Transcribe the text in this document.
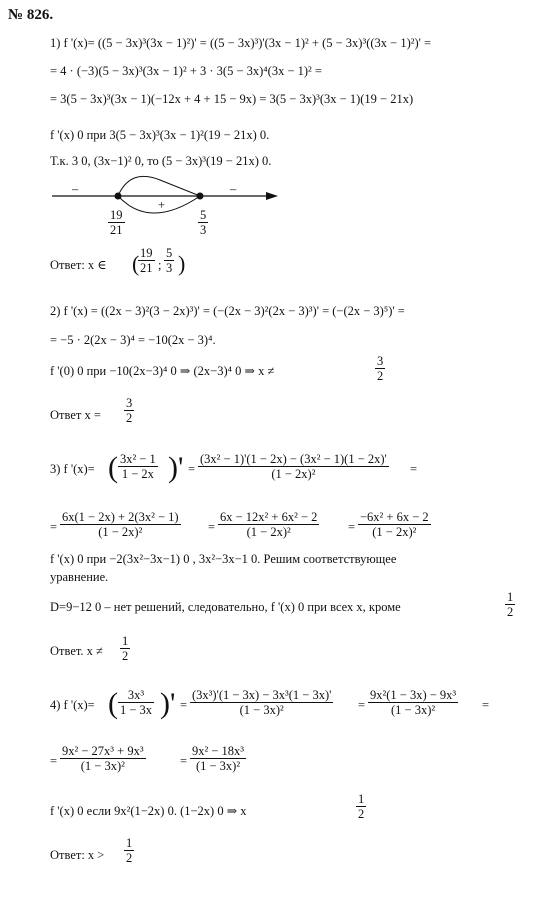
№ 826.
1) f '(x)= ((5 − 3x)³(3x − 1)²)' = ((5 − 3x)³)'(3x − 1)² + (5 − 3x)³((3x − 1)²)' =
= 4 · (−3)(5 − 3x)³(3x − 1)² + 3 · 3(5 − 3x)⁴(3x − 1)² =
= 3(5 − 3x)³(3x − 1)(−12x + 4 + 15 − 9x) = 3(5 − 3x)³(3x − 1)(19 − 21x)
f '(x) 0 при 3(5 − 3x)³(3x − 1)²(19 − 21x) 0.
Т.к. 3 0, (3x−1)² 0, то (5 − 3x)³(19 − 21x) 0.
–
+
–
$\frac{19}{21}$	$\frac{5}{3}$
Ответ: x ∈ (
$\frac{19}{21}$ ; $\frac{5}{3}$ )
2) f '(x) = ((2x − 3)²(3 − 2x)³)' = (−(2x − 3)²(2x − 3)³)' = (−(2x − 3)⁵)' =
= −5 · 2(2x − 3)⁴ = −10(2x − 3)⁴.
f '(0) 0 при −10(2x−3)⁴ 0 ⇒ (2x−3)⁴ 0 ⇒ x ≠	$\frac{3}{2}$
Ответ $x = \frac{3}{2}$
3) f '(x)= ( $\frac{\text{3x² − 1}}{1 - 2x}$ )' = $\frac{\text{(3x² − 1)'(1 − 2x) − (3x² − 1)(1 − 2x)'}}{\text{(1 − 2x)²}}$ =
= $\frac{\text{6x(1 − 2x) + 2(3x² − 1)}}{\text{(1 − 2x)²}} = \frac{\text{6x − 12x² + 6x² − 2}}{\text{(1 − 2x)²}} = \frac{\text{−6x² + 6x − 2}}{\text{(1 − 2x)²}}$
f '(x) 0 при −2(3x²−3x−1) 0 , 3x²−3x−1 0. Решим соответствующее
уравнение.
D=9−12 0 – нет решений, следовательно, f '(x) 0 при всех x, кроме	$\frac{1}{2}$
Ответ. $x \ne \frac{1}{2}$
4) f '(x)= ( $\frac{\text{3x³}}{1 - 3x}$ )' = $\frac{\text{(3x³)'(1 − 3x) − 3x³(1 − 3x)'}}{\text{(1 − 3x)²}} = \frac{\text{9x²(1 − 3x) − 9x³}}{\text{(1 − 3x)²}}$ =
= $\frac{\text{9x² − 27x³ + 9x³}}{\text{(1 − 3x)²}}$	= $\frac{\text{9x² − 18x³}}{\text{(1 − 3x)²}}$
f '(x) 0 если 9x²(1−2x) 0. (1−2x) 0 ⇒ x	$\frac{1}{2}$
Ответ: $x > \frac{1}{2}$
